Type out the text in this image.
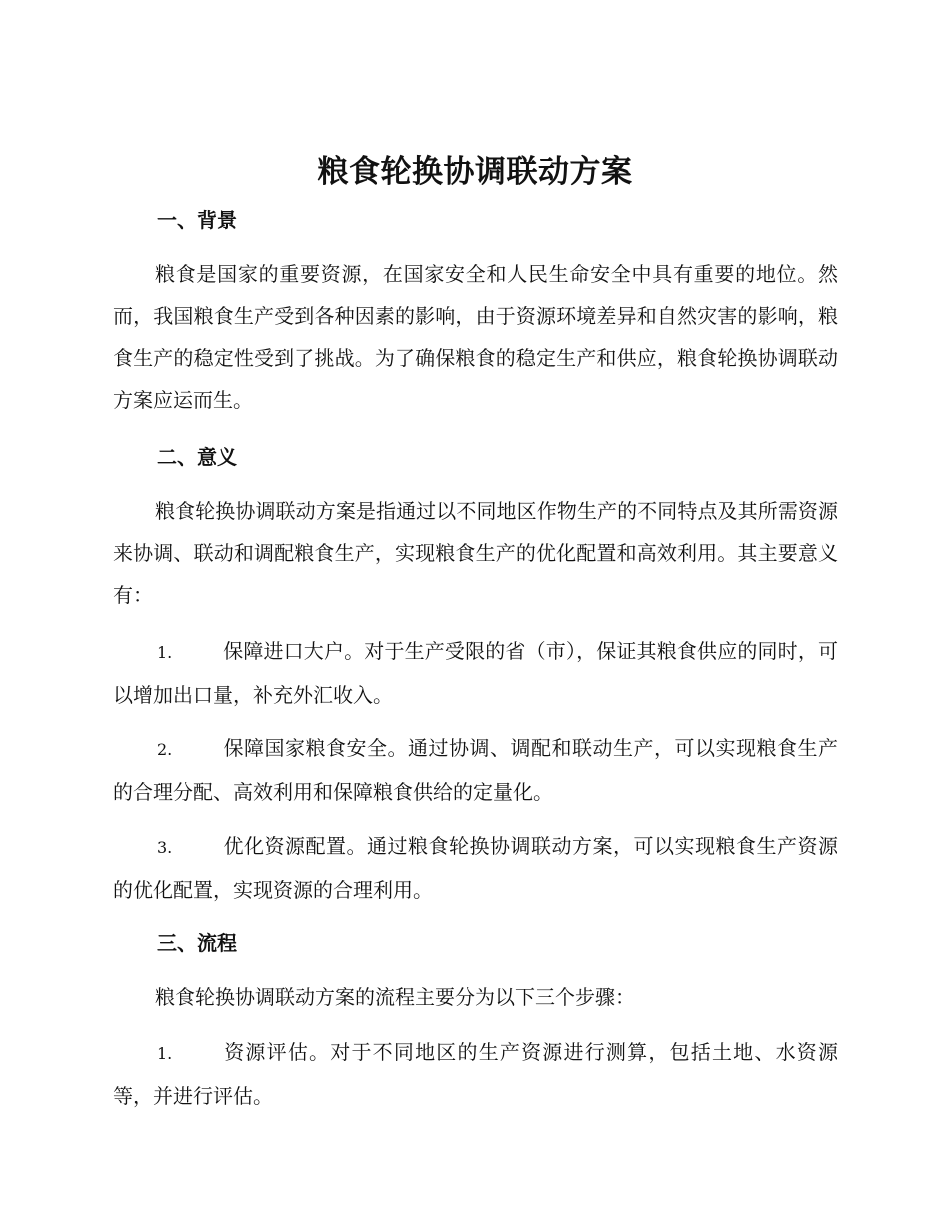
粮食轮换协调联动方案
一、背景

粮食是国家的重要资源，在国家安全和人民生命安全中具有重要的地位。然而，我国粮食生产受到各种因素的影响，由于资源环境差异和自然灾害的影响，粮食生产的稳定性受到了挑战。为了确保粮食的稳定生产和供应，粮食轮换协调联动方案应运而生。

二、意义

粮食轮换协调联动方案是指通过以不同地区作物生产的不同特点及其所需资源来协调、联动和调配粮食生产，实现粮食生产的优化配置和高效利用。其主要意义有：

1.	保障进口大户。对于生产受限的省（市），保证其粮食供应的同时，可以增加出口量，补充外汇收入。

2.	保障国家粮食安全。通过协调、调配和联动生产，可以实现粮食生产的合理分配、高效利用和保障粮食供给的定量化。

3.	优化资源配置。通过粮食轮换协调联动方案，可以实现粮食生产资源的优化配置，实现资源的合理利用。

三、流程

粮食轮换协调联动方案的流程主要分为以下三个步骤：

1.	资源评估。对于不同地区的生产资源进行测算，包括土地、水资源等，并进行评估。
